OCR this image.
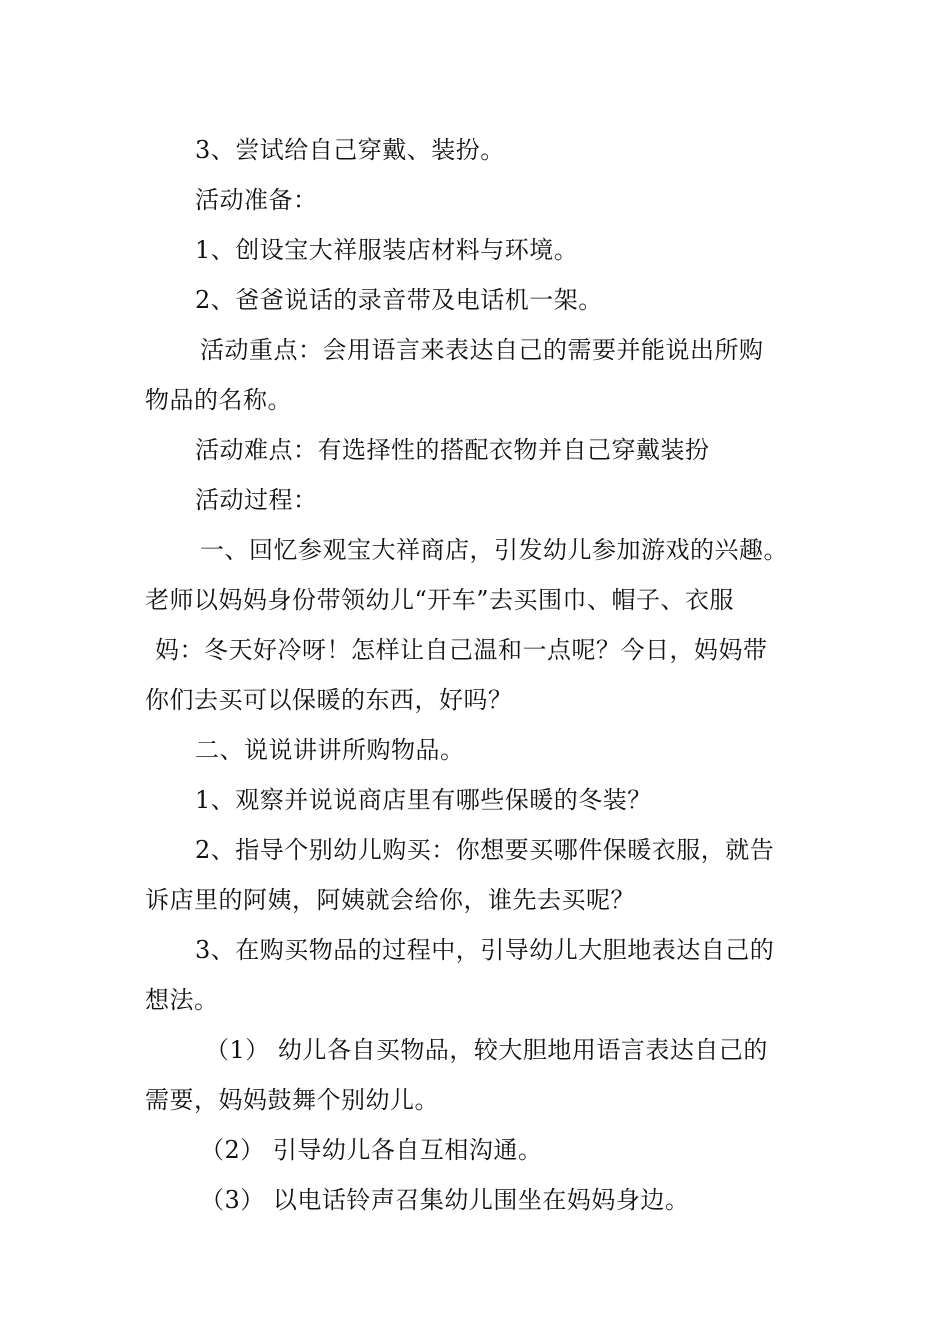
3、尝试给自己穿戴、装扮。
活动准备：
1、创设宝大祥服装店材料与环境。
2、爸爸说话的录音带及电话机一架。
活动重点：会用语言来表达自己的需要并能说出所购
物品的名称。
活动难点：有选择性的搭配衣物并自己穿戴装扮
活动过程：
一、回忆参观宝大祥商店，引发幼儿参加游戏的兴趣。
老师以妈妈身份带领幼儿“开车”去买围巾、帽子、衣服
妈：冬天好冷呀！怎样让自己温和一点呢？今日，妈妈带
你们去买可以保暖的东西，好吗？
二、说说讲讲所购物品。
1、观察并说说商店里有哪些保暖的冬装？
2、指导个别幼儿购买：你想要买哪件保暖衣服，就告
诉店里的阿姨，阿姨就会给你，谁先去买呢？
3、在购买物品的过程中，引导幼儿大胆地表达自己的
想法。
（1） 幼儿各自买物品，较大胆地用语言表达自己的
需要，妈妈鼓舞个别幼儿。
（2） 引导幼儿各自互相沟通。
（3） 以电话铃声召集幼儿围坐在妈妈身边。
